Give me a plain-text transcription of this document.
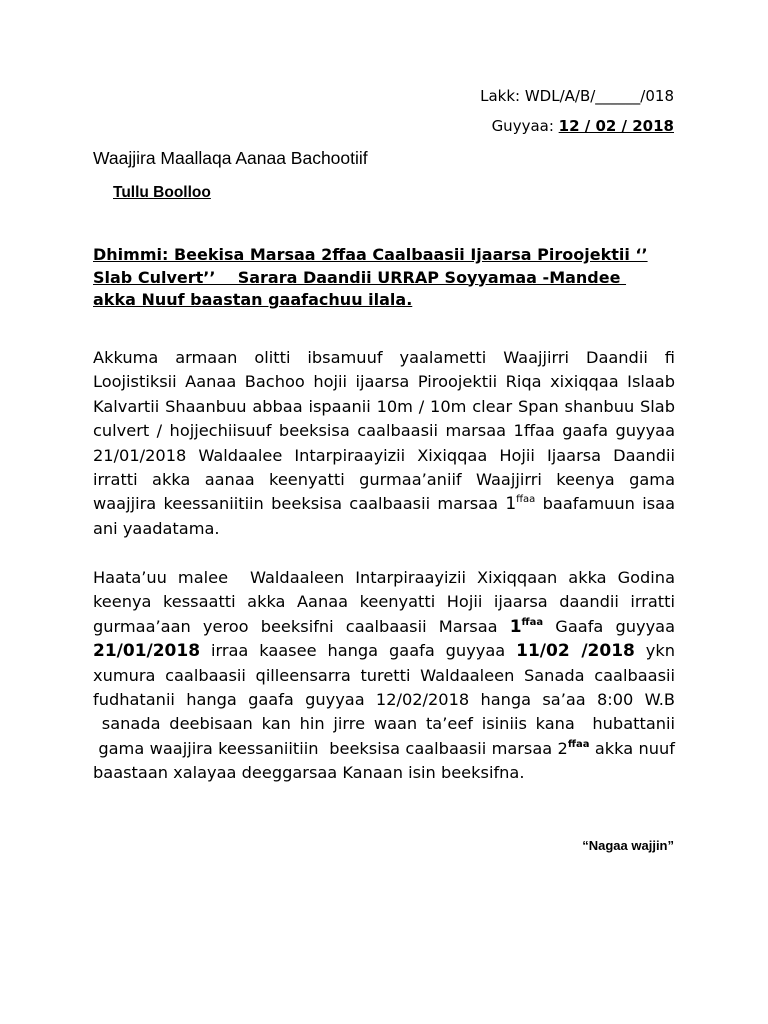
Lakk: WDL/A/B/______/018
Guyyaa: 12 / 02 / 2018
Waajjira Maallaqa Aanaa Bachootiif
Tullu Boolloo
Dhimmi: Beekisa Marsaa 2ffaa Caalbaasii Ijaarsa Piroojektii ‘’
Slab Culvert’’    Sarara Daandii URRAP Soyyamaa -Mandee
akka Nuuf baastan gaafachuu ilala.
Akkuma armaan olitti ibsamuuf yaalametti Waajjirri Daandii fi Loojistiksii Aanaa Bachoo hojii ijaarsa Piroojektii Riqa xixiqqaa Islaab Kalvartii Shaanbuu abbaa ispaanii 10m / 10m clear Span shanbuu Slab culvert / hojjechiisuuf beeksisa caalbaasii marsaa 1ffaa gaafa guyyaa 21/01/2018 Waldaalee Intarpiraayizii Xixiqqaa Hojii Ijaarsa Daandii irratti akka aanaa keenyatti gurmaa’aniif Waajjirri keenya gama waajjira keessaniitiin beeksisa caalbaasii marsaa $1^{ffaa}$ baafamuun isaa ani yaadatama.
Haata’uu malee  Waldaaleen Intarpiraayizii Xixiqqaan akka Godina keenya kessaatti akka Aanaa keenyatti Hojii ijaarsa daandii irratti gurmaa’aan yeroo beeksifni caalbaasii Marsaa $1^{ffaa}$ Gaafa guyyaa 21/01/2018 irraa kaasee hanga gaafa guyyaa 11/02 /2018 ykn xumura caalbaasii qilleensarra turetti Waldaaleen Sanada caalbaasii fudhatanii hanga gaafa guyyaa 12/02/2018 hanga sa’aa 8:00 W.B  sanada deebisaan kan hin jirre waan ta’eef isiniis kana  hubattanii  gama waajjira keessaniitiin  beeksisa caalbaasii marsaa $2^{ffaa}$ akka nuuf baastaan xalayaa deeggarsaa Kanaan isin beeksifna.
“Nagaa wajjin”
